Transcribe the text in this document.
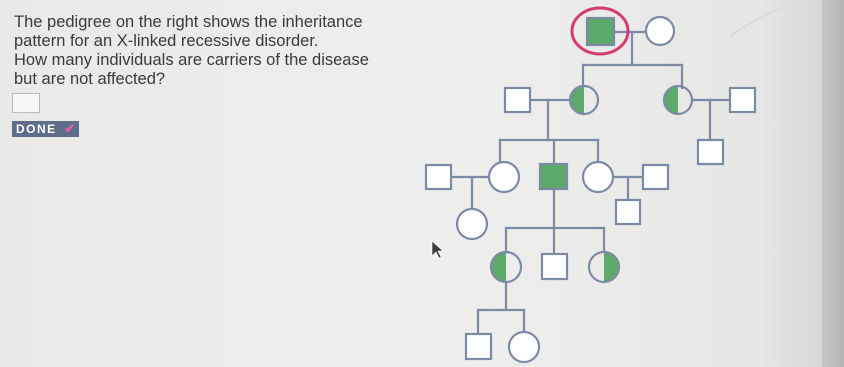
The pedigree on the right shows the inheritance
pattern for an X-linked recessive disorder.
How many individuals are carriers of the disease
but are not affected?

DONE ✔
